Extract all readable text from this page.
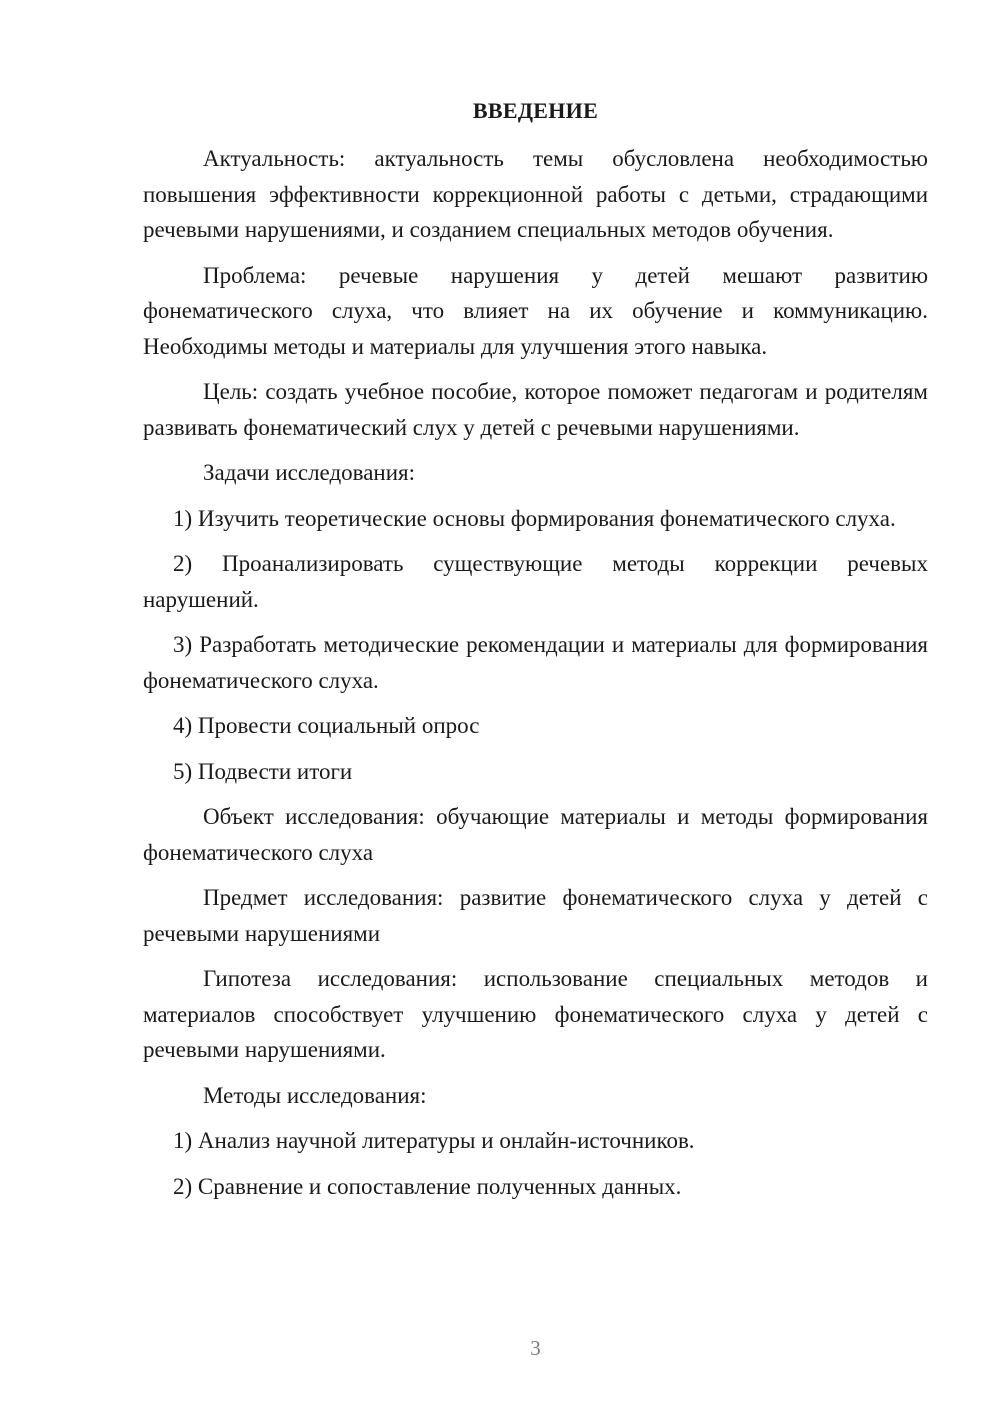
ВВЕДЕНИЕ

Актуальность: актуальность темы обусловлена необходимостью повышения эффективности коррекционной работы с детьми, страдающими речевыми нарушениями, и созданием специальных методов обучения.

Проблема: речевые нарушения у детей мешают развитию фонематического слуха, что влияет на их обучение и коммуникацию. Необходимы методы и материалы для улучшения этого навыка.

Цель: создать учебное пособие, которое поможет педагогам и родителям развивать фонематический слух у детей с речевыми нарушениями.

Задачи исследования:

1) Изучить теоретические основы формирования фонематического слуха.

2) Проанализировать существующие методы коррекции речевых нарушений.

3) Разработать методические рекомендации и материалы для формирования фонематического слуха.

4) Провести социальный опрос

5) Подвести итоги

Объект исследования: обучающие материалы и методы формирования фонематического слуха

Предмет исследования: развитие фонематического слуха у детей с речевыми нарушениями

Гипотеза исследования: использование специальных методов и материалов способствует улучшению фонематического слуха у детей с речевыми нарушениями.

Методы исследования:

1) Анализ научной литературы и онлайн-источников.

2) Сравнение и сопоставление полученных данных.

3
